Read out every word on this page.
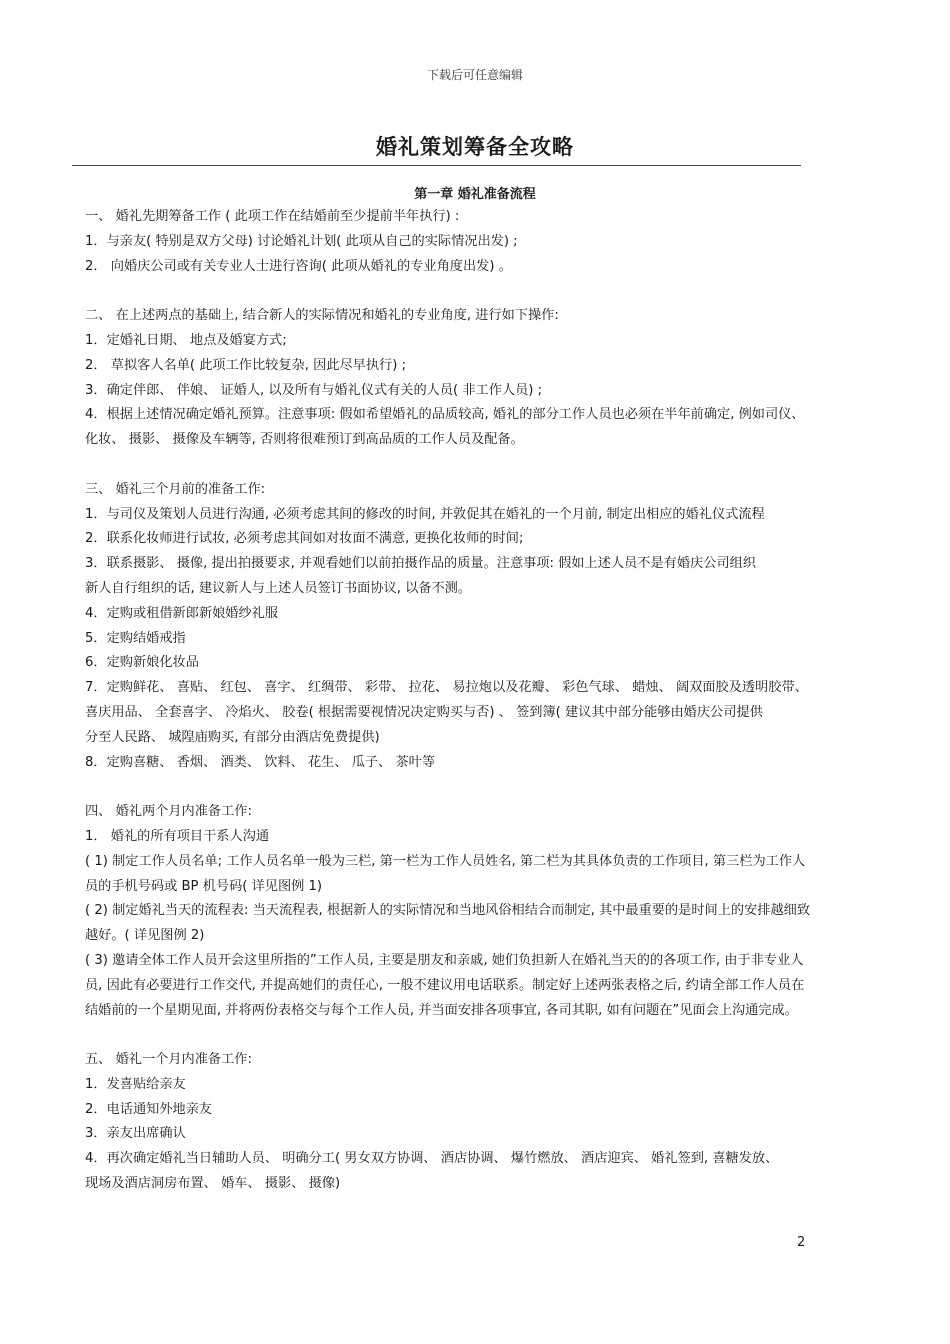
下载后可任意编辑
婚礼策划筹备全攻略
第一章 婚礼准备流程
一、 婚礼先期筹备工作 ( 此项工作在结婚前至少提前半年执行) :
1．与亲友( 特别是双方父母) 讨论婚礼计划( 此项从自己的实际情况出发) ;
2． 向婚庆公司或有关专业人士进行咨询( 此项从婚礼的专业角度出发) 。
二、 在上述两点的基础上, 结合新人的实际情况和婚礼的专业角度, 进行如下操作:
1．定婚礼日期、 地点及婚宴方式;
2． 草拟客人名单( 此项工作比较复杂, 因此尽早执行) ;
3．确定伴郎、 伴娘、 证婚人, 以及所有与婚礼仪式有关的人员( 非工作人员) ;
4．根据上述情况确定婚礼预算。注意事项: 假如希望婚礼的品质较高, 婚礼的部分工作人员也必须在半年前确定, 例如司仪、
化妆、 摄影、 摄像及车辆等, 否则将很难预订到高品质的工作人员及配备。
三、 婚礼三个月前的准备工作:
1．与司仪及策划人员进行沟通, 必须考虑其间的修改的时间, 并敦促其在婚礼的一个月前, 制定出相应的婚礼仪式流程
2．联系化妆师进行试妆, 必须考虑其间如对妆面不满意, 更换化妆师的时间;
3．联系摄影、 摄像, 提出拍摄要求, 并观看她们以前拍摄作品的质量。注意事项: 假如上述人员不是有婚庆公司组织
新人自行组织的话, 建议新人与上述人员签订书面协议, 以备不测。
4．定购或租借新郎新娘婚纱礼服
5．定购结婚戒指
6．定购新娘化妆品
7．定购鲜花、 喜贴、 红包、 喜字、 红绸带、 彩带、 拉花、 易拉炮以及花瓣、 彩色气球、 蜡烛、 阔双面胶及透明胶带、
喜庆用品、 全套喜字、 冷焰火、 胶卷( 根据需要视情况决定购买与否) 、 签到簿( 建议其中部分能够由婚庆公司提供
分至人民路、 城隍庙购买, 有部分由酒店免费提供)
8．定购喜糖、 香烟、 酒类、 饮料、 花生、 瓜子、 茶叶等
四、 婚礼两个月内准备工作:
1． 婚礼的所有项目干系人沟通
( 1) 制定工作人员名单; 工作人员名单一般为三栏, 第一栏为工作人员姓名, 第二栏为其具体负责的工作项目, 第三栏为工作人
员的手机号码或 BP 机号码( 详见图例 1)
( 2) 制定婚礼当天的流程表: 当天流程表, 根据新人的实际情况和当地风俗相结合而制定, 其中最重要的是时间上的安排越细致
越好。( 详见图例 2)
( 3) 邀请全体工作人员开会这里所指的”工作人员, 主要是朋友和亲戚, 她们负担新人在婚礼当天的的各项工作, 由于非专业人
员, 因此有必要进行工作交代, 并提高她们的责任心, 一般不建议用电话联系。制定好上述两张表格之后, 约请全部工作人员在
结婚前的一个星期见面, 并将两份表格交与每个工作人员, 并当面安排各项事宜, 各司其职, 如有问题在”见面会上沟通完成。
五、 婚礼一个月内准备工作:
1．发喜贴给亲友
2．电话通知外地亲友
3．亲友出席确认
4．再次确定婚礼当日辅助人员、 明确分工( 男女双方协调、 酒店协调、 爆竹燃放、 酒店迎宾、 婚礼签到, 喜糖发放、
现场及酒店洞房布置、 婚车、 摄影、 摄像)
2
